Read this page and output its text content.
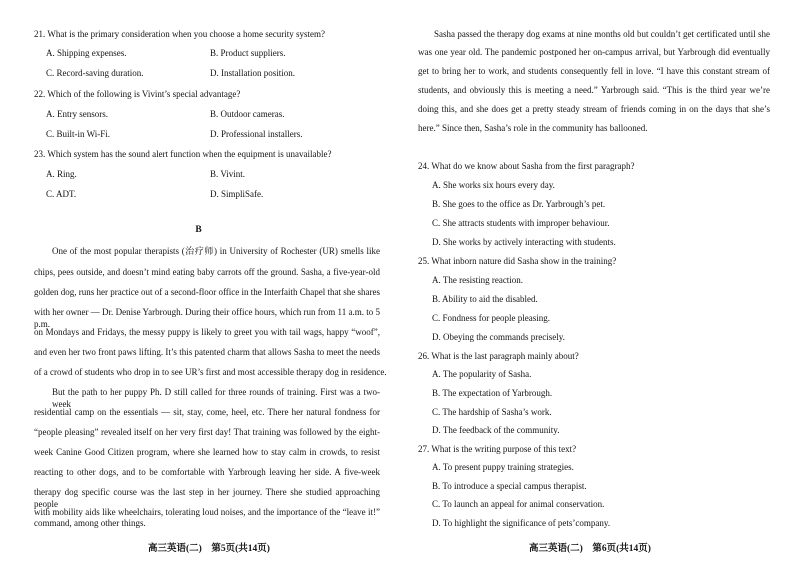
21. What is the primary consideration when you choose a home security system?
A. Shipping expenses.	B. Product suppliers.
C. Record-saving duration.	D. Installation position.
22. Which of the following is Vivint’s special advantage?
A. Entry sensors.	B. Outdoor cameras.
C. Built-in Wi-Fi.	D. Professional installers.
23. Which system has the sound alert function when the equipment is unavailable?
A. Ring.	B. Vivint.
C. ADT.	D. SimpliSafe.
B
One of the most popular therapists (治疗师) in University of Rochester (UR) smells like
chips, pees outside, and doesn’t mind eating baby carrots off the ground. Sasha, a five-year-old
golden dog, runs her practice out of a second-floor office in the Interfaith Chapel that she shares
with her owner — Dr. Denise Yarbrough. During their office hours, which run from 11 a.m. to 5 p.m.
on Mondays and Fridays, the messy puppy is likely to greet you with tail wags, happy “woof”,
and even her two front paws lifting. It’s this patented charm that allows Sasha to meet the needs
of a crowd of students who drop in to see UR’s first and most accessible therapy dog in residence.
But the path to her puppy Ph. D still called for three rounds of training. First was a two-week
residential camp on the essentials — sit, stay, come, heel, etc. There her natural fondness for
“people pleasing” revealed itself on her very first day! That training was followed by the eight-
week Canine Good Citizen program, where she learned how to stay calm in crowds, to resist
reacting to other dogs, and to be comfortable with Yarbrough leaving her side. A five-week
therapy dog specific course was the last step in her journey. There she studied approaching people
with mobility aids like wheelchairs, tolerating loud noises, and the importance of the “leave it!”
command, among other things.
高三英语(二)　第5页(共14页)
Sasha passed the therapy dog exams at nine months old but couldn’t get certificated until she
was one year old. The pandemic postponed her on-campus arrival, but Yarbrough did eventually
get to bring her to work, and students consequently fell in love. “I have this constant stream of
students, and obviously this is meeting a need.” Yarbrough said. “This is the third year we’re
doing this, and she does get a pretty steady stream of friends coming in on the days that she’s
here.” Since then, Sasha’s role in the community has ballooned.
24. What do we know about Sasha from the first paragraph?
A. She works six hours every day.
B. She goes to the office as Dr. Yarbrough’s pet.
C. She attracts students with improper behaviour.
D. She works by actively interacting with students.
25. What inborn nature did Sasha show in the training?
A. The resisting reaction.
B. Ability to aid the disabled.
C. Fondness for people pleasing.
D. Obeying the commands precisely.
26. What is the last paragraph mainly about?
A. The popularity of Sasha.
B. The expectation of Yarbrough.
C. The hardship of Sasha’s work.
D. The feedback of the community.
27. What is the writing purpose of this text?
A. To present puppy training strategies.
B. To introduce a special campus therapist.
C. To launch an appeal for animal conservation.
D. To highlight the significance of pets’company.
高三英语(二)　第6页(共14页)
